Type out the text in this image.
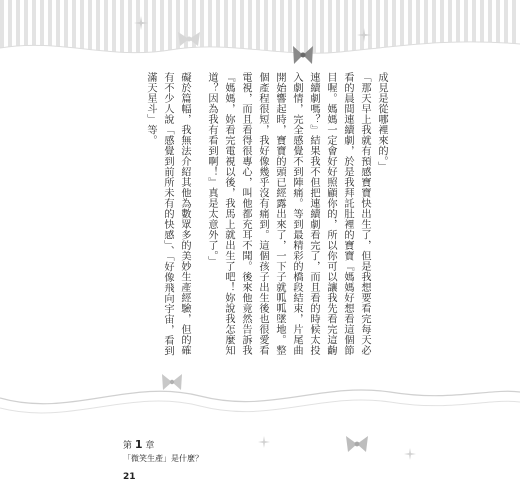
成見是從哪裡來的。」

「那天早上我就有預感寶寶快出生了，但是我想要看完每天必看的晨間連續劇，於是我拜託肚裡的寶寶『媽媽好想看這個節目喔。媽媽一定會好好照顧你的，所以你可以讓我先看完這齣連續劇嗎？』結果我不但把連續劇看完了，而且看的時候太投入劇情，完全感覺不到陣痛。等到最精彩的橋段結束，片尾曲開始響起時，寶寶的頭已經露出來了，一下子就呱呱墜地。整個產程很短，我好像幾乎沒有痛到。這個孩子出生後也很愛看電視，而且看得很專心，叫他都充耳不聞。後來他竟然告訴我『媽媽，妳看完電視以後，我馬上就出生了吧！妳說我怎麼知道？因為我有看到啊！』真是太意外了。」

礙於篇幅，我無法介紹其他為數眾多的美妙生產經驗，但的確有不少人說「感覺到前所未有的快感」、「好像飛向宇宙，看到滿天星斗」等。

第 1 章
「微笑生產」是什麼？
21
